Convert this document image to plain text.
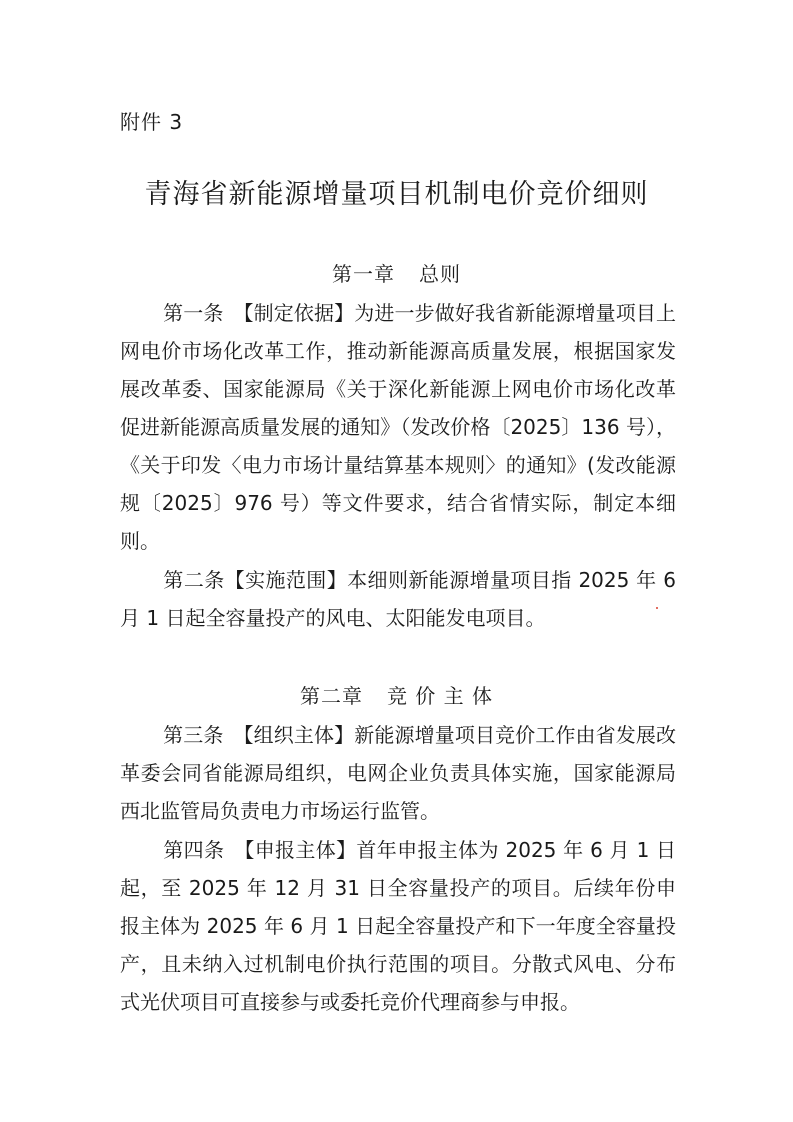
附件 3
青海省新能源增量项目机制电价竞价细则
第一章 总则
第一条 【制定依据】为进一步做好我省新能源增量项目上网电价市场化改革工作，推动新能源高质量发展，根据国家发展改革委、国家能源局《关于深化新能源上网电价市场化改革 促进新能源高质量发展的通知》（发改价格〔2025〕136 号），《关于印发〈电力市场计量结算基本规则〉的通知》(发改能源规〔2025〕976 号）等文件要求，结合省情实际，制定本细则。
第二条【实施范围】本细则新能源增量项目指 2025 年 6 月 1 日起全容量投产的风电、太阳能发电项目。
第二章 竞 价 主 体
第三条 【组织主体】新能源增量项目竞价工作由省发展改革委会同省能源局组织，电网企业负责具体实施，国家能源局西北监管局负责电力市场运行监管。
第四条 【申报主体】首年申报主体为 2025 年 6 月 1 日起，至 2025 年 12 月 31 日全容量投产的项目。后续年份申报主体为 2025 年 6 月 1 日起全容量投产和下一年度全容量投产，且未纳入过机制电价执行范围的项目。分散式风电、分布式光伏项目可直接参与或委托竞价代理商参与申报。
